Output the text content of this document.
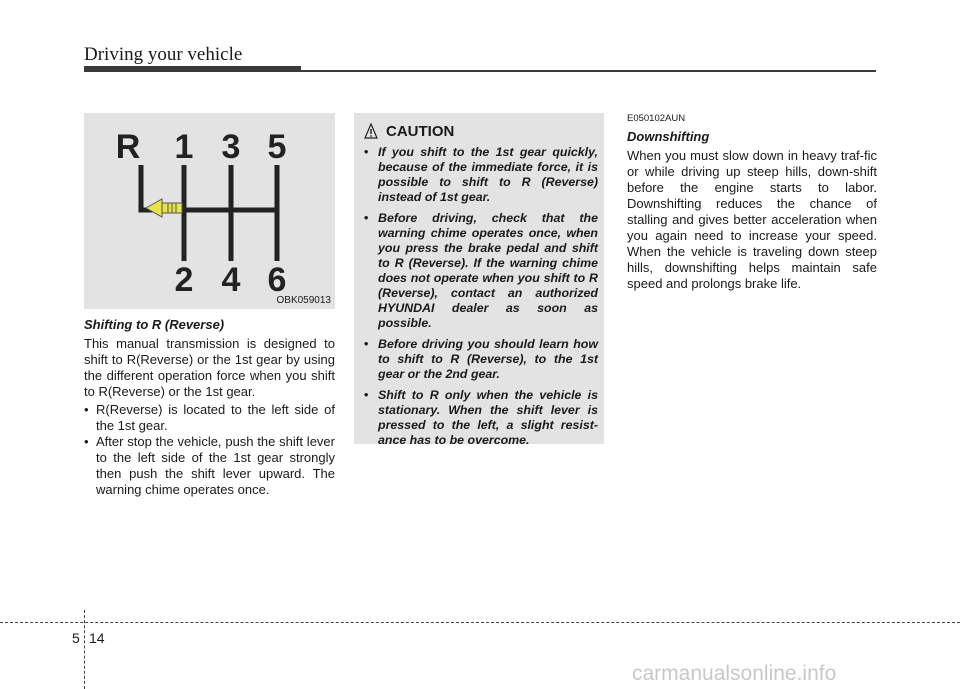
Driving your vehicle
R 1 3 5
2 4 6
OBK059013
Shifting to R (Reverse)

This manual transmission is designed to shift to R(Reverse) or the 1st gear by using the different operation force when you shift to R(Reverse) or the 1st gear.

• R(Reverse) is located to the left side of the 1st gear.
• After stop the vehicle, push the shift lever to the left side of the 1st gear strongly then push the shift lever upward. The warning chime operates once.
CAUTION
• If you shift to the 1st gear quickly, because of the immediate force, it is possible to shift to R (Reverse) instead of 1st gear.
• Before driving, check that the warning chime operates once, when you press the brake pedal and shift to R (Reverse). If the warning chime does not operate when you shift to R (Reverse), contact an authorized HYUNDAI dealer as soon as possible.
• Before driving you should learn how to shift to R (Reverse), to the 1st gear or the 2nd gear.
• Shift to R only when the vehicle is stationary. When the shift lever is pressed to the left, a slight resist-ance has to be overcome.
E050102AUN
Downshifting

When you must slow down in heavy traf-fic or while driving up steep hills, down-shift before the engine starts to labor. Downshifting reduces the chance of stalling and gives better acceleration when you again need to increase your speed. When the vehicle is traveling down steep hills, downshifting helps maintain safe speed and prolongs brake life.

5 14
carmanualsonline.info
